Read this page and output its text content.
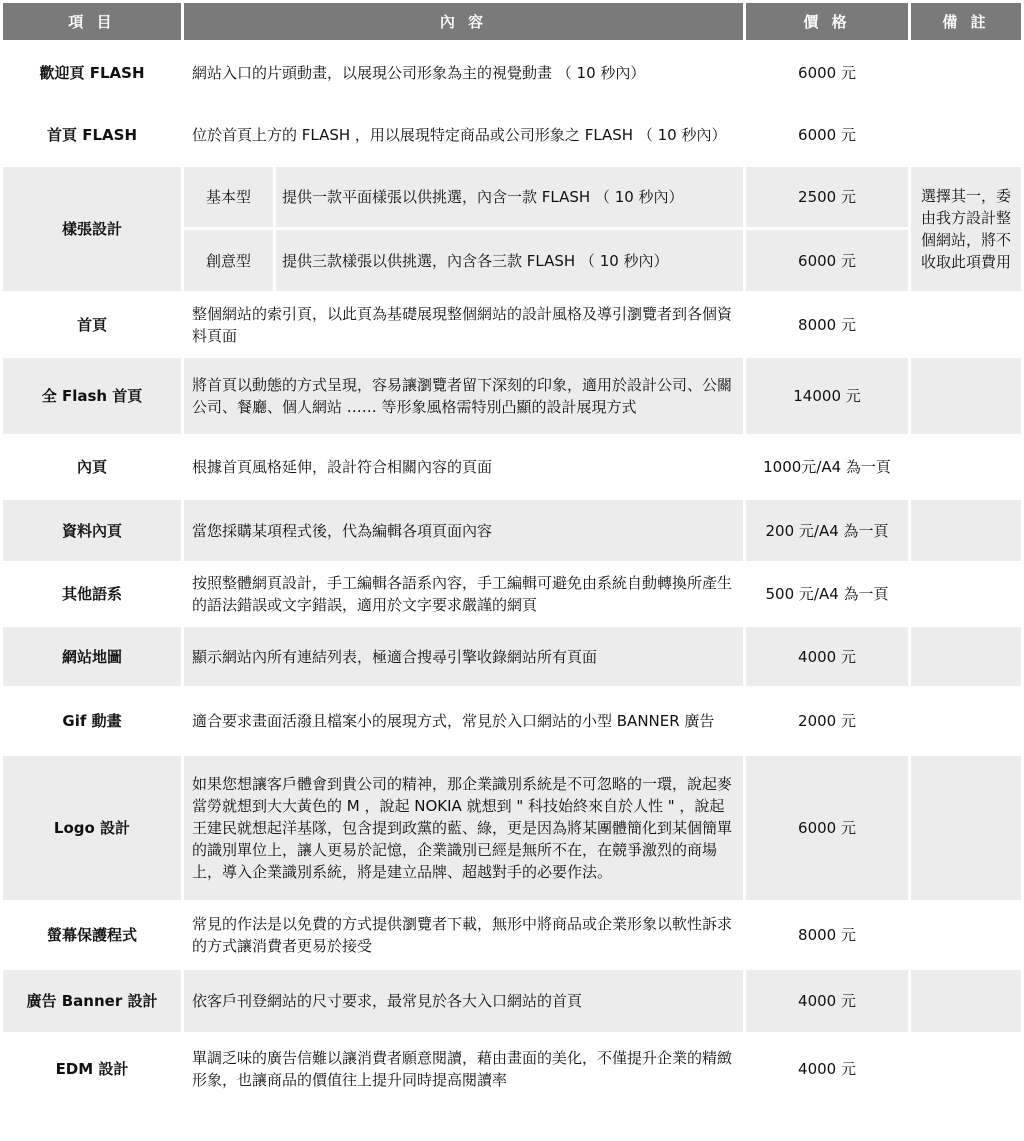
項 目	內 容		價 格	備 註
歡迎頁 FLASH	網站入口的片頭動畫，以展現公司形象為主的視覺動畫 （ 10 秒內）		6000 元	
首頁 FLASH	位於首頁上方的 FLASH ，用以展現特定商品或公司形象之 FLASH （ 10 秒內）		6000 元	
樣張設計	基本型	提供一款平面樣張以供挑選，內含一款 FLASH （ 10 秒內）	2500 元	選擇其一，委由我方設計整個網站，將不收取此項費用
	創意型	提供三款樣張以供挑選，內含各三款 FLASH （ 10 秒內）	6000 元	
首頁	整個網站的索引頁，以此頁為基礎展現整個網站的設計風格及導引瀏覽者到各個資料頁面		8000 元	
全 Flash 首頁	將首頁以動態的方式呈現，容易讓瀏覽者留下深刻的印象，適用於設計公司、公關公司、餐廳、個人網站 …… 等形象風格需特別凸顯的設計展現方式		14000 元	
內頁	根據首頁風格延伸，設計符合相關內容的頁面		1000元/A4 為一頁	
資料內頁	當您採購某項程式後，代為編輯各項頁面內容		200 元/A4 為一頁	
其他語系	按照整體網頁設計，手工編輯各語系內容，手工編輯可避免由系統自動轉換所產生的語法錯誤或文字錯誤，適用於文字要求嚴謹的網頁		500 元/A4 為一頁	
網站地圖	顯示網站內所有連結列表，極適合搜尋引擎收錄網站所有頁面		4000 元	
Gif 動畫	適合要求畫面活潑且檔案小的展現方式，常見於入口網站的小型 BANNER 廣告		2000 元	
Logo 設計	如果您想讓客戶體會到貴公司的精神，那企業識別系統是不可忽略的一環，說起麥當勞就想到大大黃色的 M ，說起 NOKIA 就想到 " 科技始終來自於人性 " ，說起王建民就想起洋基隊，包含提到政黨的藍、綠，更是因為將某團體簡化到某個簡單的識別單位上，讓人更易於記憶，企業識別已經是無所不在，在競爭激烈的商場上，導入企業識別系統，將是建立品牌、超越對手的必要作法。		6000 元	
螢幕保護程式	常見的作法是以免費的方式提供瀏覽者下載，無形中將商品或企業形象以軟性訴求的方式讓消費者更易於接受		8000 元	
廣告 Banner 設計	依客戶刊登網站的尺寸要求，最常見於各大入口網站的首頁		4000 元	
EDM 設計	單調乏味的廣告信難以讓消費者願意閱讀，藉由畫面的美化，不僅提升企業的精緻形象，也讓商品的價值往上提升同時提高閱讀率		4000 元	
